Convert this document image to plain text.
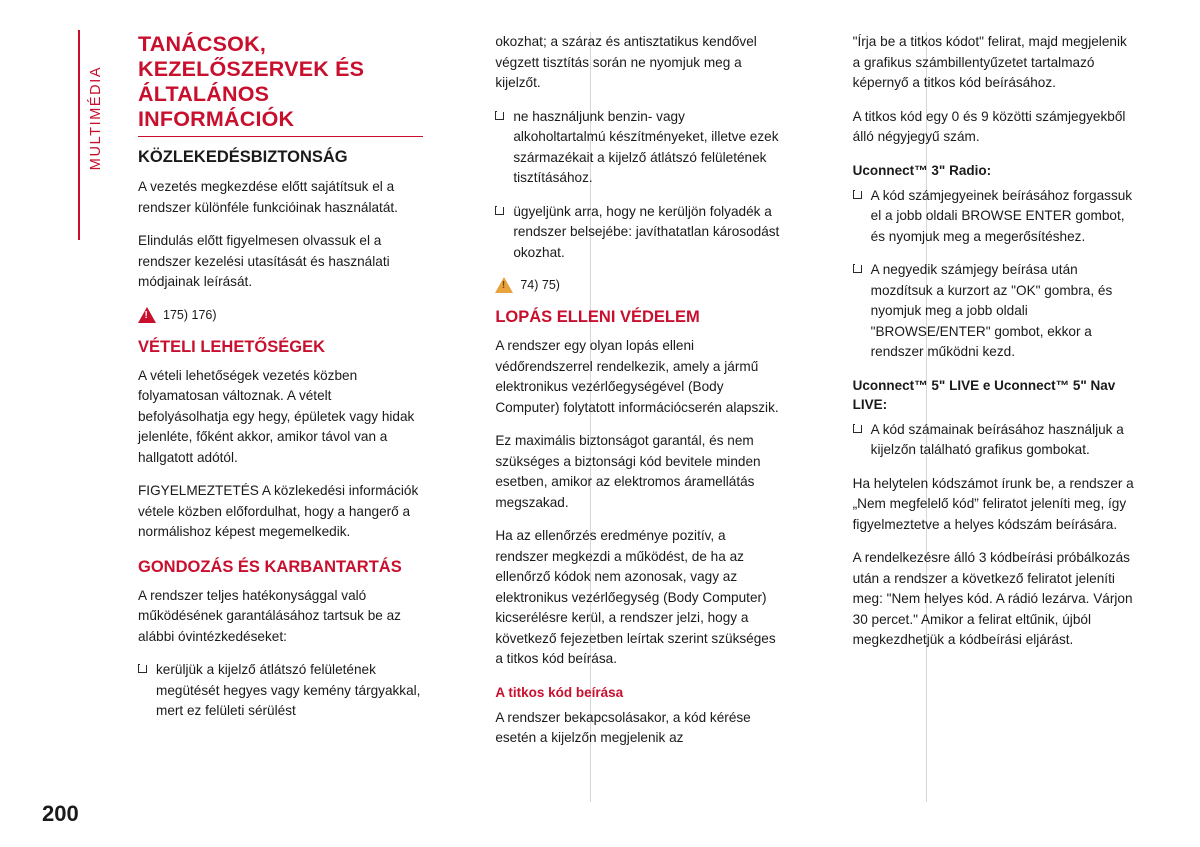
MULTIMÉDIA
TANÁCSOK, KEZELŐSZERVEK ÉS ÁLTALÁNOS INFORMÁCIÓK
KÖZLEKEDÉSBIZTONSÁG

A vezetés megkezdése előtt sajátítsuk el a rendszer különféle funkcióinak használatát.

Elindulás előtt figyelmesen olvassuk el a rendszer kezelési utasítását és használati módjainak leírását.

!
175) 176)
VÉTELI LEHETŐSÉGEK

A vételi lehetőségek vezetés közben folyamatosan változnak. A vételt befolyásolhatja egy hegy, épületek vagy hidak jelenléte, főként akkor, amikor távol van a hallgatott adótól.

FIGYELMEZTETÉS A közlekedési információk vétele közben előfordulhat, hogy a hangerő a normálishoz képest megemelkedik.

GONDOZÁS ÉS KARBANTARTÁS

A rendszer teljes hatékonysággal való működésének garantálásához tartsuk be az alábbi óvintézkedéseket:

kerüljük a kijelző átlátszó felületének megütését hegyes vagy kemény tárgyakkal, mert ez felületi sérülést

okozhat; a száraz és antisztatikus kendővel végzett tisztítás során ne nyomjuk meg a kijelzőt.

ne használjunk benzin- vagy alkoholtartalmú készítményeket, illetve ezek származékait a kijelző átlátszó felületének tisztításához.

ügyeljünk arra, hogy ne kerüljön folyadék a rendszer belsejébe: javíthatatlan károsodást okozhat.

!
74) 75)
LOPÁS ELLENI VÉDELEM

A rendszer egy olyan lopás elleni védőrendszerrel rendelkezik, amely a jármű elektronikus vezérlőegységével (Body Computer) folytatott információcserén alapszik.

Ez maximális biztonságot garantál, és nem szükséges a biztonsági kód bevitele minden esetben, amikor az elektromos áramellátás megszakad.

Ha az ellenőrzés eredménye pozitív, a rendszer megkezdi a működést, de ha az ellenőrző kódok nem azonosak, vagy az elektronikus vezérlőegység (Body Computer) kicserélésre kerül, a rendszer jelzi, hogy a következő fejezetben leírtak szerint szükséges a titkos kód beírása.

A titkos kód beírása

A rendszer bekapcsolásakor, a kód kérése esetén a kijelzőn megjelenik az

"Írja be a titkos kódot" felirat, majd megjelenik a grafikus számbillentyűzetet tartalmazó képernyő a titkos kód beírásához.

A titkos kód egy 0 és 9 közötti számjegyekből álló négyjegyű szám.

Uconnect™ 3" Radio:

A kód számjegyeinek beírásához forgassuk el a jobb oldali BROWSE ENTER gombot, és nyomjuk meg a megerősítéshez.

A negyedik számjegy beírása után mozdítsuk a kurzort az "OK" gombra, és nyomjuk meg a jobb oldali "BROWSE/ENTER" gombot, ekkor a rendszer működni kezd.

Uconnect™ 5" LIVE e Uconnect™ 5" Nav LIVE:

A kód számainak beírásához használjuk a kijelzőn található grafikus gombokat.

Ha helytelen kódszámot írunk be, a rendszer a „Nem megfelelő kód” feliratot jeleníti meg, így figyelmeztetve a helyes kódszám beírására.

A rendelkezésre álló 3 kódbeírási próbálkozás után a rendszer a következő feliratot jeleníti meg: "Nem helyes kód. A rádió lezárva. Várjon 30 percet." Amikor a felirat eltűnik, újból megkezdhetjük a kódbeírási eljárást.

200
